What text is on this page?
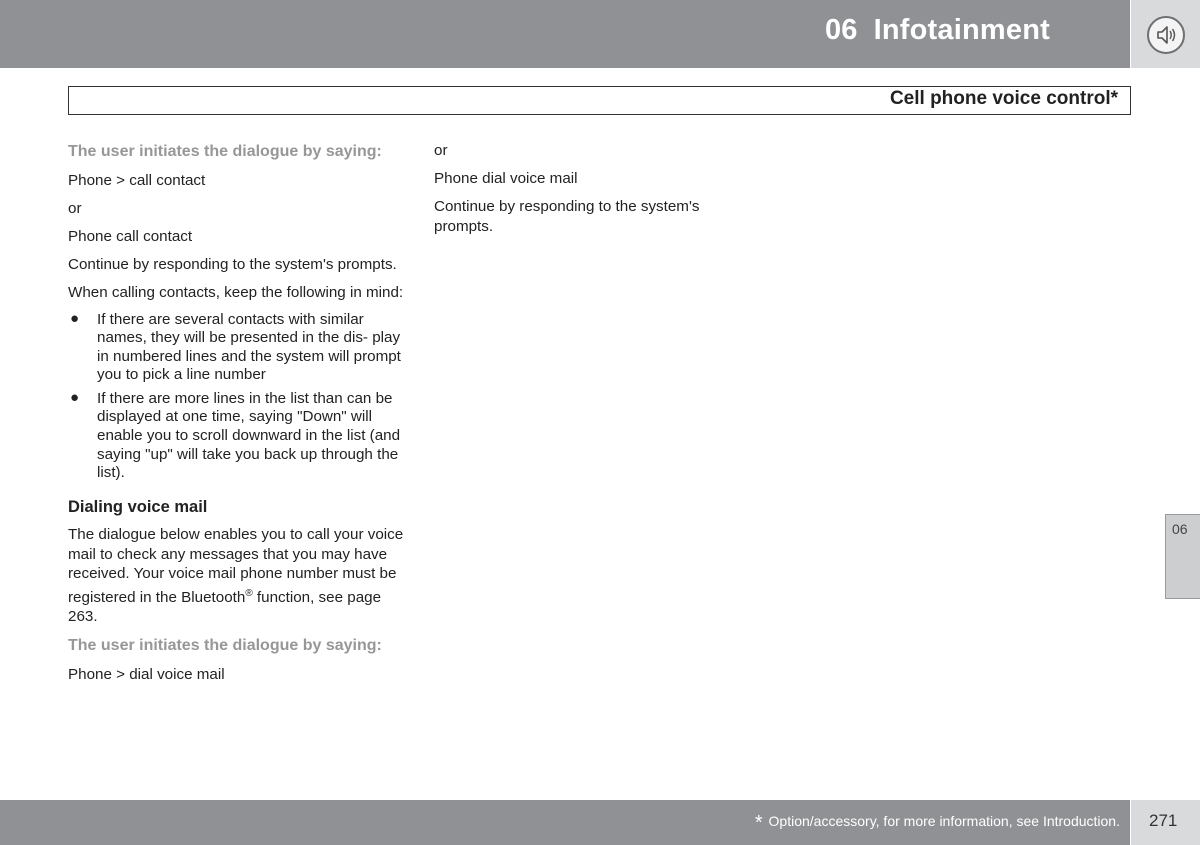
06 Infotainment
Cell phone voice control*

The user initiates the dialogue by saying:

Phone > call contact

or

Phone call contact

Continue by responding to the system's prompts.

When calling contacts, keep the following in mind:

● If there are several contacts with similar names, they will be presented in the dis- play in numbered lines and the system will prompt you to pick a line number
● If there are more lines in the list than can be displayed at one time, saying "Down" will enable you to scroll downward in the list (and saying "up" will take you back up through the list).

Dialing voice mail

The dialogue below enables you to call your voice mail to check any messages that you may have received. Your voice mail phone number must be registered in the Bluetooth® function, see page 263.

The user initiates the dialogue by saying:

Phone > dial voice mail

or

Phone dial voice mail

Continue by responding to the system's prompts.

06
* Option/accessory, for more information, see Introduction. 271
